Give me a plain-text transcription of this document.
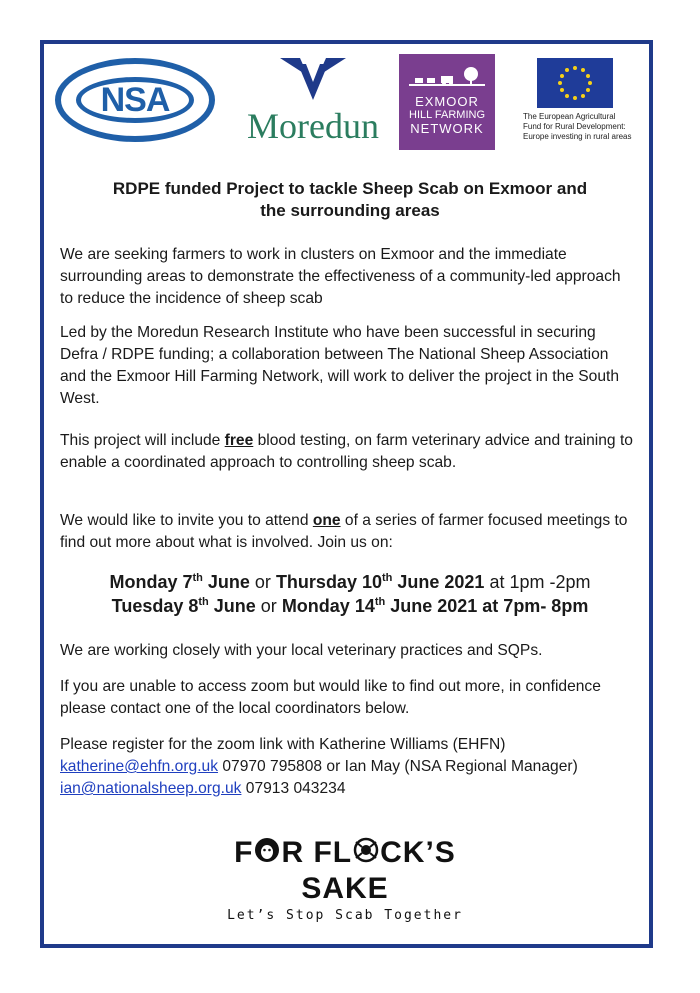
NSA
Moredun
EXMOOR
HILL FARMING
NETWORK
The European Agricultural
Fund for Rural Development:
Europe investing in rural areas
RDPE funded Project to tackle Sheep Scab on Exmoor and
the surrounding areas
We are seeking farmers to work in clusters on Exmoor and the immediate surrounding areas to demonstrate the effectiveness of a community-led approach to reduce the incidence of sheep scab
Led by the Moredun Research Institute who have been successful in securing Defra / RDPE funding; a collaboration between The National Sheep Association and the Exmoor Hill Farming Network, will work to deliver the project in the South West.
This project will include free blood testing, on farm veterinary advice and training to enable a coordinated approach to controlling sheep scab.
We would like to invite you to attend one of a series of farmer focused meetings to find out more about what is involved. Join us on:
Monday 7th June or Thursday 10th June 2021 at 1pm -2pm
Tuesday 8th June or Monday 14th June 2021 at 7pm- 8pm
We are working closely with your local veterinary practices and SQPs.
If you are unable to access zoom but would like to find out more, in confidence please contact one of the local coordinators below.
Please register for the zoom link with Katherine Williams (EHFN)
katherine@ehfn.org.uk 07970 795808 or Ian May (NSA Regional Manager) ian@nationalsheep.org.uk 07913 043234
F R FL CK’S SAKE
Let’s Stop Scab Together
